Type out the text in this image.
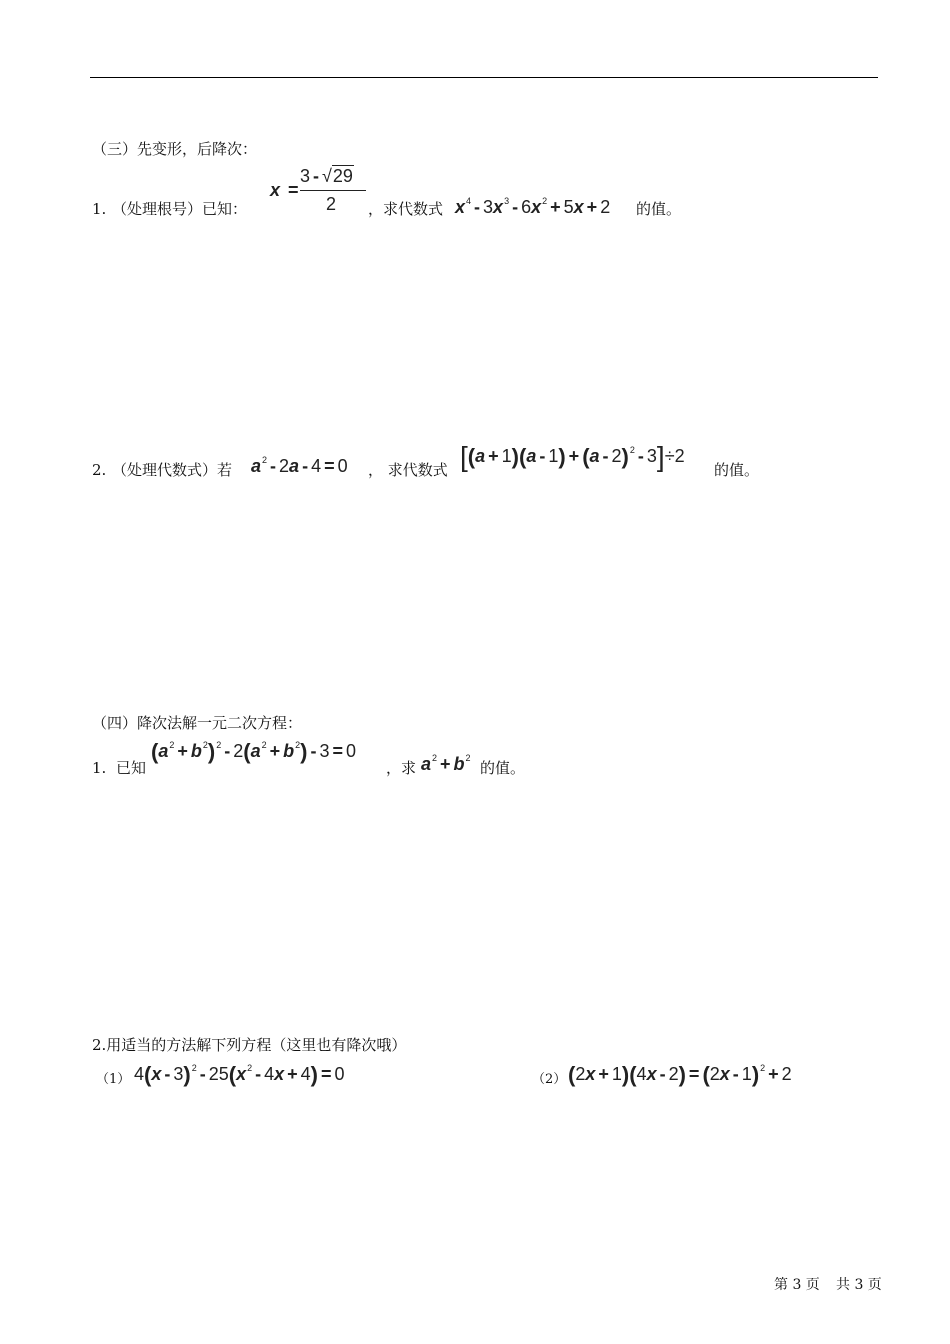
（三）先变形，后降次：
1. （处理根号）已知：
x =
3 - √29
2 ，求代数式 $x^4 - 3x^3 - 6x^2 + 5x + 2$ 的值。
2. （处理代数式）若 $a^2 - 2a - 4 = 0$ ， 求代数式 [(a + 1)(a - 1) + (a - 2)$^2$ - 3]÷2
的值。
（四）降次法解一元二次方程：
1. 已知
$(a^2 + b^2)^2 - 2(a^2 + b^2) - 3 = 0$
，求 $a^2 + b^2$
的值。
2.用适当的方法解下列方程（这里也有降次哦）
（1） $4(x - 3)^2 - 25(x^2 - 4x + 4) = 0$	（2） (2x + 1)(4x - 2) = (2x - 1)$^2$ + 2
第 3 页 共 3 页
